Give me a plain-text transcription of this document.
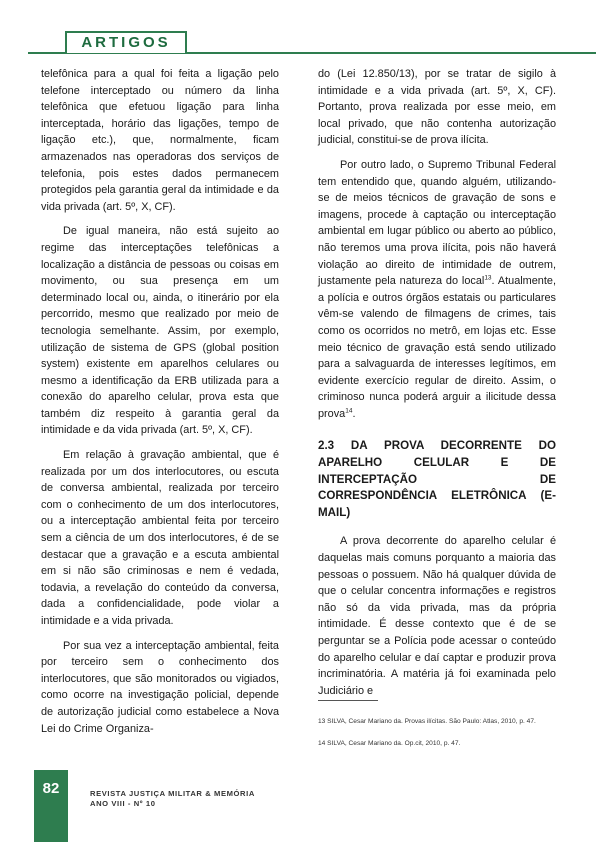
ARTIGOS

telefônica para a qual foi feita a ligação pelo telefone interceptado ou número da linha telefônica que efetuou ligação para linha interceptada, horário das ligações, tempo de ligação etc.), que, normalmente, ficam armazenados nas operadoras dos serviços de telefonia, pois estes dados permanecem protegidos pela garantia geral da intimidade e da vida privada (art. 5º, X, CF).

De igual maneira, não está sujeito ao regime das interceptações telefônicas a localização a distância de pessoas ou coisas em movimento, ou sua presença em um determinado local ou, ainda, o itinerário por ela percorrido, mesmo que realizado por meio de tecnologia semelhante. Assim, por exemplo, utilização de sistema de GPS (global position system) existente em aparelhos celulares ou mesmo a identificação da ERB utilizada para a conexão do aparelho celular, prova esta que também diz respeito à garantia geral da intimidade e da vida privada (art. 5º, X, CF).

Em relação à gravação ambiental, que é realizada por um dos interlocutores, ou escuta de conversa ambiental, realizada por terceiro com o conhecimento de um dos interlocutores, ou a interceptação ambiental feita por terceiro sem a ciência de um dos interlocutores, é de se destacar que a gravação e a escuta ambiental em si não são criminosas e nem é vedada, todavia, a revelação do conteúdo da conversa, dada a confidencialidade, pode violar a intimidade e a vida privada.

Por sua vez a interceptação ambiental, feita por terceiro sem o conhecimento dos interlocutores, que são monitorados ou vigiados, como ocorre na investigação policial, depende de autorização judicial como estabelece a Nova Lei do Crime Organiza-

do (Lei 12.850/13), por se tratar de sigilo à intimidade e a vida privada (art. 5º, X, CF). Portanto, prova realizada por esse meio, em local privado, que não contenha autorização judicial, constitui-se de prova ilícita.

Por outro lado, o Supremo Tribunal Federal tem entendido que, quando alguém, utilizando-se de meios técnicos de gravação de sons e imagens, procede à captação ou interceptação ambiental em lugar público ou aberto ao público, não teremos uma prova ilícita, pois não haverá violação ao direito de intimidade de outrem, justamente pela natureza do local$^{13}$. Atualmente, a polícia e outros órgãos estatais ou particulares vêm-se valendo de filmagens de crimes, tais como os ocorridos no metrô, em lojas etc. Esse meio técnico de gravação está sendo utilizado para a salvaguarda de interesses legítimos, em evidente exercício regular de direito. Assim, o criminoso nunca poderá arguir a ilicitude dessa prova$^{14}$.

2.3 DA PROVA DECORRENTE DO APARELHO CELULAR E DE INTERCEPTAÇÃO DE CORRESPONDÊNCIA ELETRÔNICA (E-MAIL)

A prova decorrente do aparelho celular é daquelas mais comuns porquanto a maioria das pessoas o possuem. Não há qualquer dúvida de que o celular concentra informações e registros não só da vida privada, mas da própria intimidade. É desse contexto que é de se perguntar se a Polícia pode acessar o conteúdo do aparelho celular e daí captar e produzir prova incriminatória. A matéria já foi examinada pelo Judiciário e

13 SILVA, Cesar Mariano da. Provas ilícitas. São Paulo: Atlas, 2010, p. 47.
14 SILVA, Cesar Mariano da. Op.cit, 2010, p. 47.
82	REVISTA JUSTIÇA MILITAR & MEMÓRIA
ANO VIII - Nº 10
